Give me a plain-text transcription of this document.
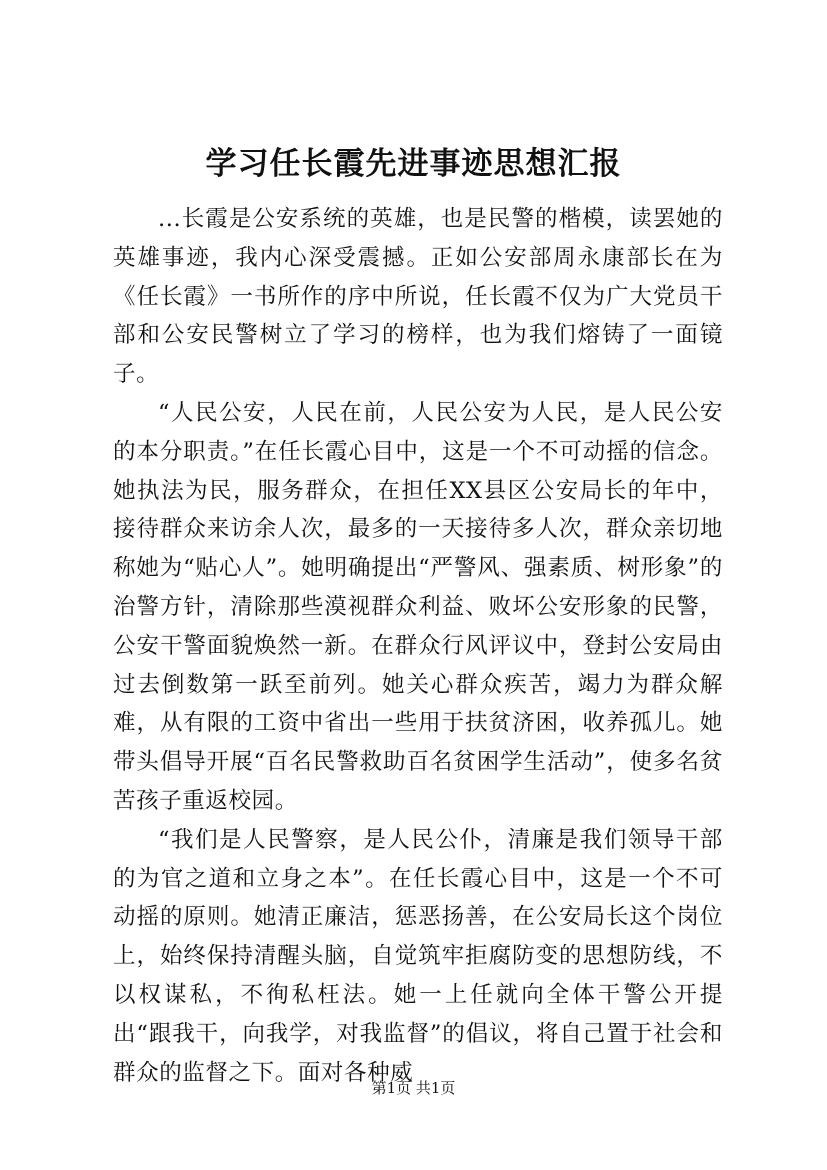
学习任长霞先进事迹思想汇报

...长霞是公安系统的英雄，也是民警的楷模，读罢她的英雄事迹，我内心深受震撼。正如公安部周永康部长在为《任长霞》一书所作的序中所说，任长霞不仅为广大党员干部和公安民警树立了学习的榜样，也为我们熔铸了一面镜子。

“人民公安，人民在前，人民公安为人民，是人民公安的本分职责。”在任长霞心目中，这是一个不可动摇的信念。她执法为民，服务群众，在担任XX县区公安局长的年中，接待群众来访余人次，最多的一天接待多人次，群众亲切地称她为“贴心人”。她明确提出“严警风、强素质、树形象”的治警方针，清除那些漠视群众利益、败坏公安形象的民警，公安干警面貌焕然一新。在群众行风评议中，登封公安局由过去倒数第一跃至前列。她关心群众疾苦，竭力为群众解难，从有限的工资中省出一些用于扶贫济困，收养孤儿。她带头倡导开展“百名民警救助百名贫困学生活动”，使多名贫苦孩子重返校园。

“我们是人民警察，是人民公仆，清廉是我们领导干部的为官之道和立身之本”。在任长霞心目中，这是一个不可动摇的原则。她清正廉洁，惩恶扬善，在公安局长这个岗位上，始终保持清醒头脑，自觉筑牢拒腐防变的思想防线，不以权谋私，不徇私枉法。她一上任就向全体干警公开提出“跟我干，向我学，对我监督”的倡议，将自己置于社会和群众的监督之下。面对各种威

第1页 共1页
